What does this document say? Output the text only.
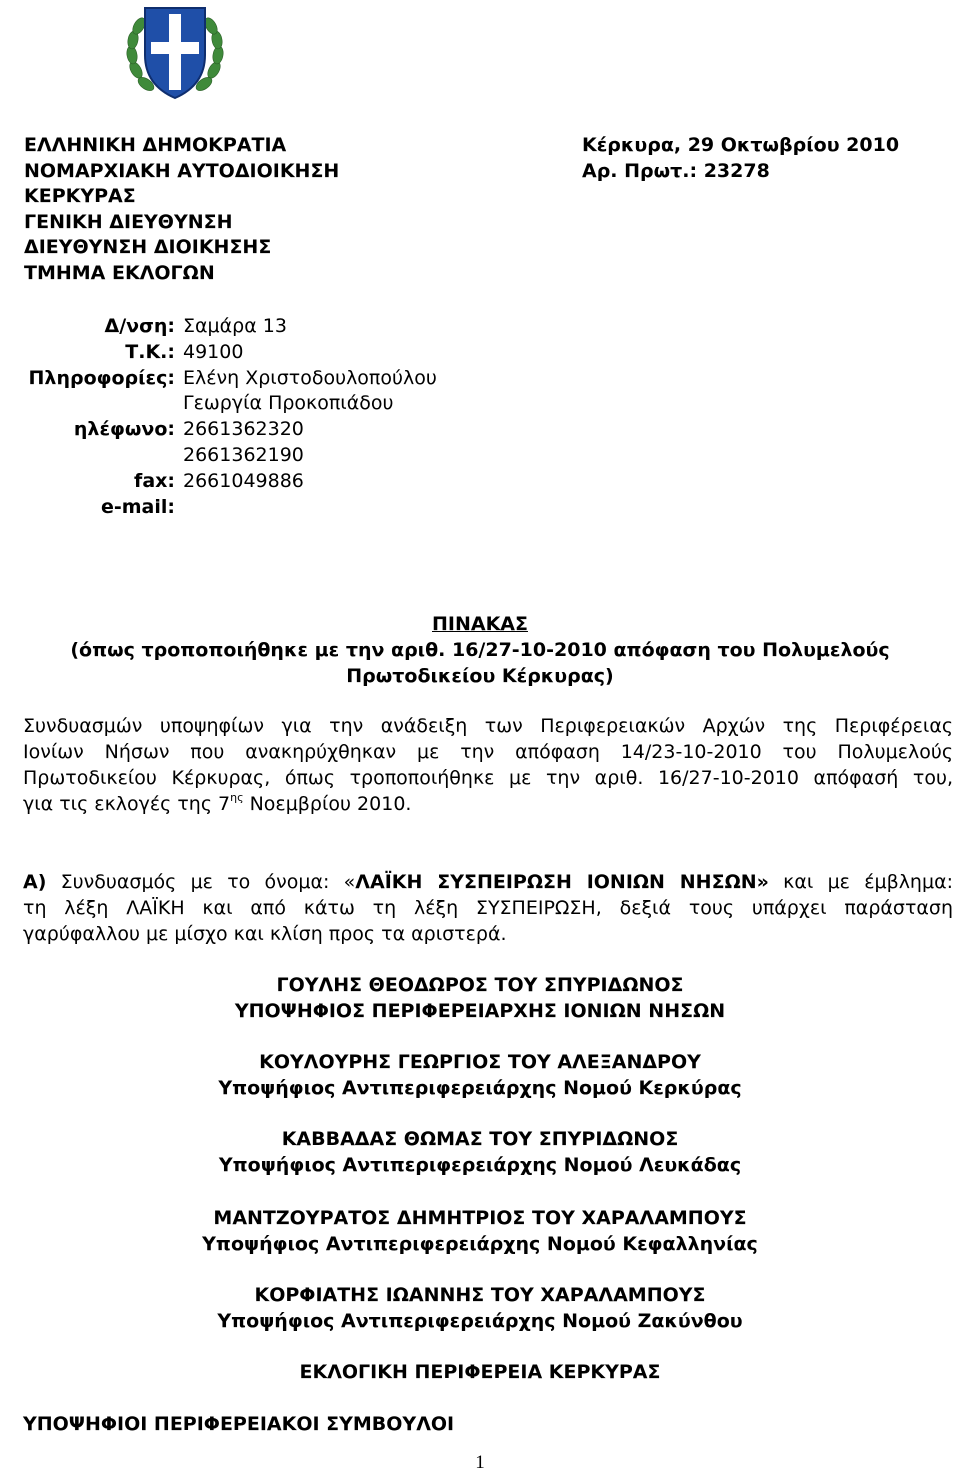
ΕΛΛΗΝΙΚΗ ΔΗΜΟΚΡΑΤΙΑ
ΝΟΜΑΡΧΙΑΚΗ ΑΥΤΟΔΙΟΙΚΗΣΗ
ΚΕΡΚΥΡΑΣ
ΓΕΝΙΚΗ ΔΙΕΥΘΥΝΣΗ
ΔΙΕΥΘΥΝΣΗ ΔΙΟΙΚΗΣΗΣ
ΤΜΗΜΑ ΕΚΛΟΓΩΝ
Κέρκυρα, 29 Οκτωβρίου 2010
Αρ. Πρωτ.: 23278
Δ/νση: Σαμάρα 13
Τ.Κ.: 49100
Πληροφορίες: Ελένη Χριστοδουλοπούλου
Γεωργία Προκοπιάδου
ηλέφωνο: 2661362320
2661362190
fax: 2661049886
e-mail:
ΠΙΝΑΚΑΣ
(όπως τροποποιήθηκε με την αριθ. 16/27-10-2010 απόφαση του Πολυμελούς
Πρωτοδικείου Κέρκυρας)
Συνδυασμών υποψηφίων για την ανάδειξη των Περιφερειακών Αρχών της Περιφέρειας
Ιονίων Νήσων που ανακηρύχθηκαν με την απόφαση 14/23-10-2010 του Πολυμελούς
Πρωτοδικείου Κέρκυρας, όπως τροποποιήθηκε με την αριθ. 16/27-10-2010 απόφασή του,
για τις εκλογές της $7^{\eta\varsigma}$ Νοεμβρίου 2010.
Α) Συνδυασμός με το όνομα: «ΛΑΪΚΗ ΣΥΣΠΕΙΡΩΣΗ ΙΟΝΙΩΝ ΝΗΣΩΝ» και με έμβλημα:
τη λέξη ΛΑΪΚΗ και από κάτω τη λέξη ΣΥΣΠΕΙΡΩΣΗ, δεξιά τους υπάρχει παράσταση
γαρύφαλλου με μίσχο και κλίση προς τα αριστερά.
ΓΟΥΛΗΣ ΘΕΟΔΩΡΟΣ ΤΟΥ ΣΠΥΡΙΔΩΝΟΣ
ΥΠΟΨΗΦΙΟΣ ΠΕΡΙΦΕΡΕΙΑΡΧΗΣ ΙΟΝΙΩΝ ΝΗΣΩΝ
ΚΟΥΛΟΥΡΗΣ ΓΕΩΡΓΙΟΣ ΤΟΥ ΑΛΕΞΑΝΔΡΟΥ
Υποψήφιος Αντιπεριφερειάρχης Νομού Κερκύρας
ΚΑΒΒΑΔΑΣ ΘΩΜΑΣ ΤΟΥ ΣΠΥΡΙΔΩΝΟΣ
Υποψήφιος Αντιπεριφερειάρχης Νομού Λευκάδας
ΜΑΝΤΖΟΥΡΑΤΟΣ ΔΗΜΗΤΡΙΟΣ ΤΟΥ ΧΑΡΑΛΑΜΠΟΥΣ
Υποψήφιος Αντιπεριφερειάρχης Νομού Κεφαλληνίας
ΚΟΡΦΙΑΤΗΣ ΙΩΑΝΝΗΣ ΤΟΥ ΧΑΡΑΛΑΜΠΟΥΣ
Υποψήφιος Αντιπεριφερειάρχης Νομού Ζακύνθου
ΕΚΛΟΓΙΚΗ ΠΕΡΙΦΕΡΕΙΑ ΚΕΡΚΥΡΑΣ
ΥΠΟΨΗΦΙΟΙ ΠΕΡΙΦΕΡΕΙΑΚΟΙ ΣΥΜΒΟΥΛΟΙ
1
